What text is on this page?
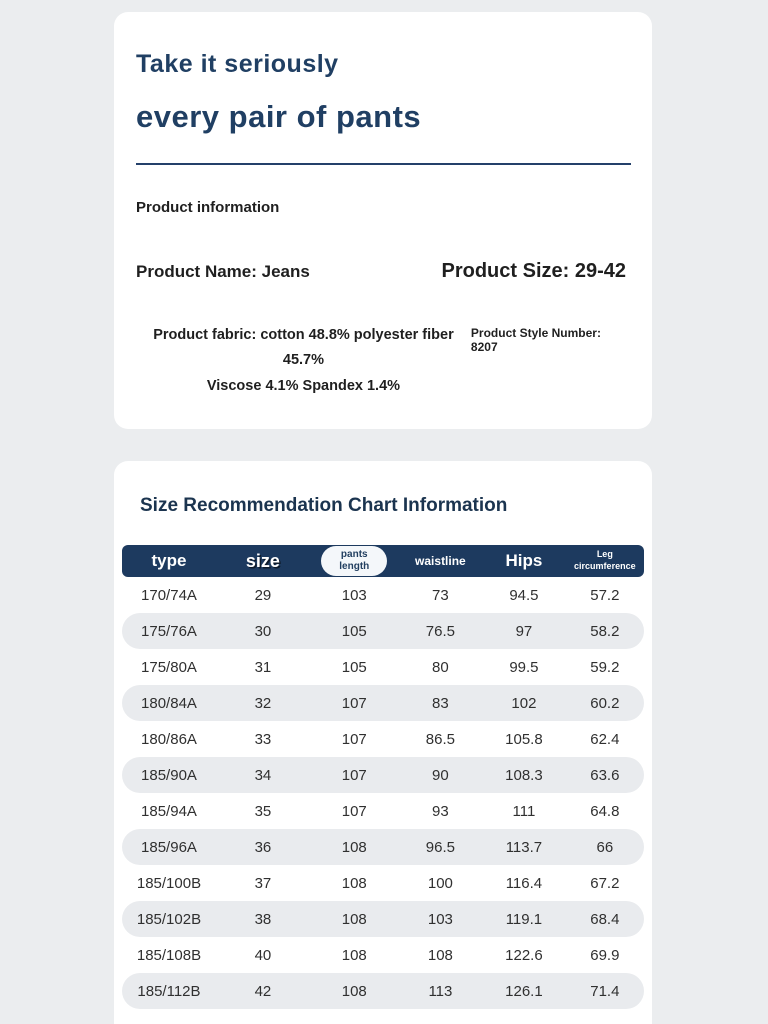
Take it seriously
every pair of pants
Product information
Product Name: Jeans	Product Size: 29-42
Product fabric: cotton 48.8% polyester fiber 45.7%
Viscose 4.1% Spandex 1.4%
Product Style Number: 8207
Size Recommendation Chart Information
type	size	pants length	waistline	Hips	Leg circumference
170/74A	29	103	73	94.5	57.2
175/76A	30	105	76.5	97	58.2
175/80A	31	105	80	99.5	59.2
180/84A	32	107	83	102	60.2
180/86A	33	107	86.5	105.8	62.4
185/90A	34	107	90	108.3	63.6
185/94A	35	107	93	111	64.8
185/96A	36	108	96.5	113.7	66
185/100B	37	108	100	116.4	67.2
185/102B	38	108	103	119.1	68.4
185/108B	40	108	108	122.6	69.9
185/112B	42	108	113	126.1	71.4
